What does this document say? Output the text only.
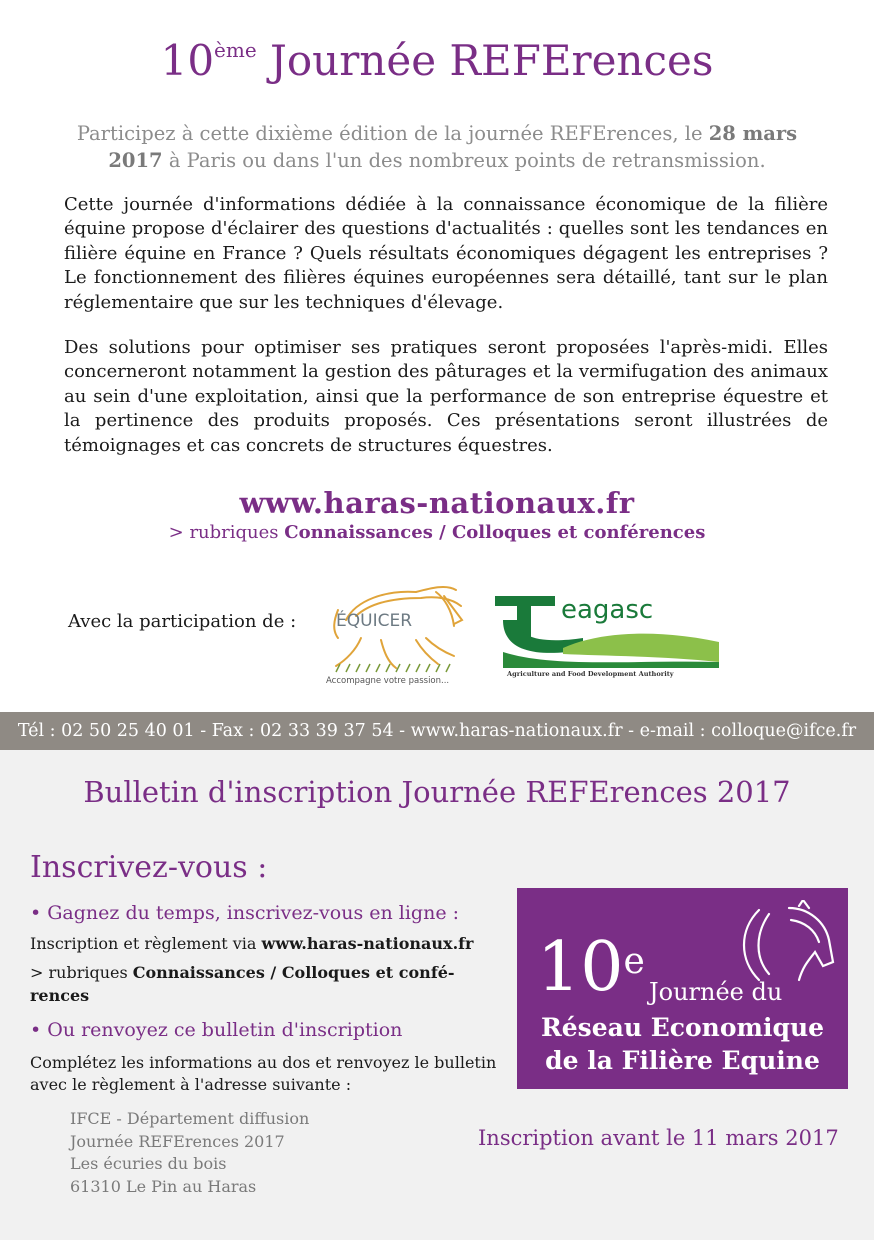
10ème Journée REFErences
Participez à cette dixième édition de la journée REFErences, le 28 mars 2017 à Paris ou dans l'un des nombreux points de retransmission.
Cette journée d'informations dédiée à la connaissance économique de la filière équine propose d'éclairer des questions d'actualités : quelles sont les tendances en filière équine en France ? Quels résultats économiques dégagent les entreprises ? Le fonctionnement des filières équines européennes sera détaillé, tant sur le plan réglementaire que sur les techniques d'élevage.
Des solutions pour optimiser ses pratiques seront proposées l'après-midi. Elles concerneront notamment la gestion des pâturages et la vermifugation des animaux au sein d'une exploitation, ainsi que la performance de son entreprise équestre et la pertinence des produits proposés. Ces présentations seront illustrées de témoignages et cas concrets de structures équestres.
www.haras-nationaux.fr
> rubriques Connaissances / Colloques et conférences
Avec la participation de : ÉQUICER
Accompagne votre passion...
eagasc
Agriculture and Food Development Authority
Tél : 02 50 25 40 01 - Fax : 02 33 39 37 54 - www.haras-nationaux.fr - e-mail : colloque@ifce.fr
Bulletin d'inscription Journée REFErences 2017
Inscrivez-vous :
• Gagnez du temps, inscrivez-vous en ligne :
Inscription et règlement via www.haras-nationaux.fr
> rubriques Connaissances / Colloques et confé-rences
• Ou renvoyez ce bulletin d'inscription
Complétez les informations au dos et renvoyez le bulletin avec le règlement à l'adresse suivante :
IFCE - Département diffusion
Journée REFErences 2017
Les écuries du bois
61310 Le Pin au Haras
10e
Journée du
Réseau Economique
de la Filière Equine
Inscription avant le 11 mars 2017
